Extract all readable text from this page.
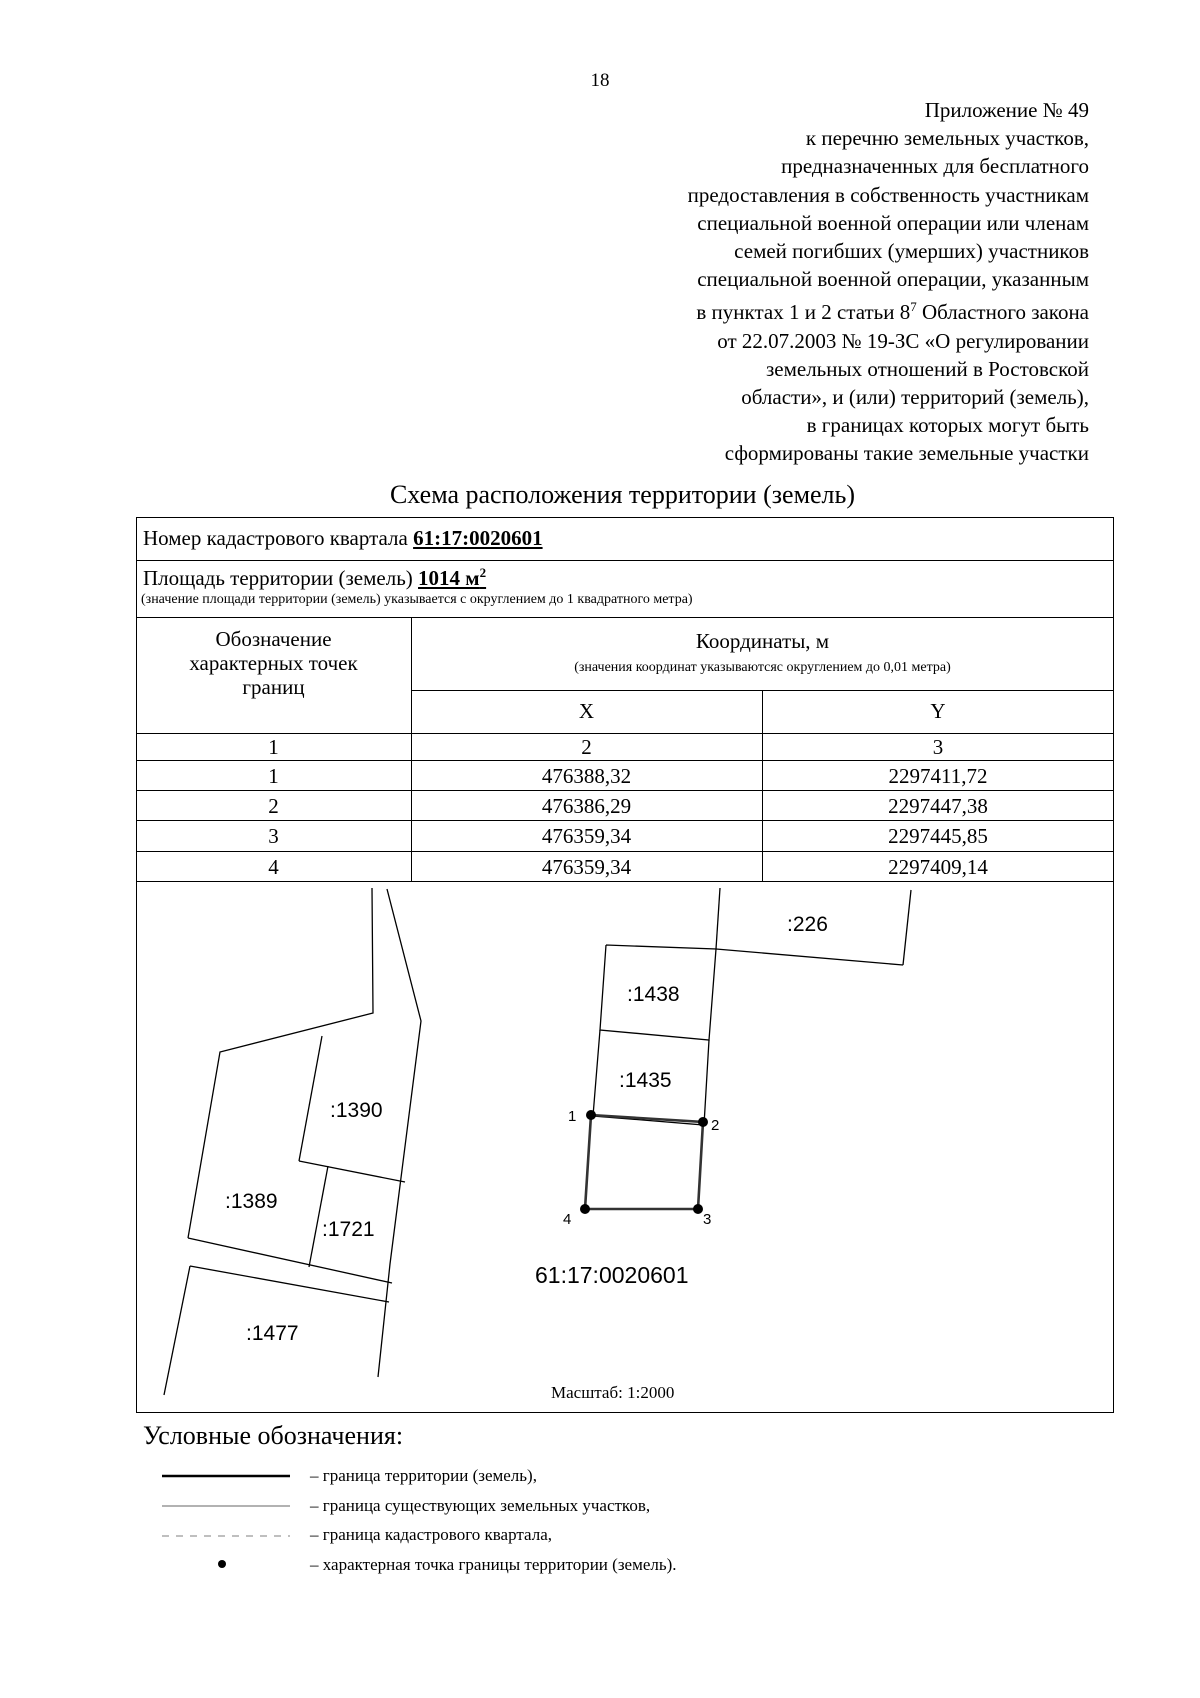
18
Приложение № 49
к перечню земельных участков,
предназначенных для бесплатного
предоставления в собственность участникам
специальной военной операции или членам
семей погибших (умерших) участников
специальной военной операции, указанным
в пунктах 1 и 2 статьи $8^7$ Областного закона
от 22.07.2003 № 19-ЗС «О регулировании
земельных отношений в Ростовской
области», и (или) территорий (земель),
в границах которых могут быть
сформированы такие земельные участки
Схема расположения территории (земель)
Номер кадастрового квартала 61:17:0020601
Площадь территории (земель) 1014 $м^2$
(значение площади территории (земель) указывается с округлением до 1 квадратного метра)
Обозначение
характерных точек
границ
Координаты, м
(значения координат указываютсяс округлением до 0,01 метра)
X	Y
1	2	3
1	476388,32	2297411,72
2	476386,29	2297447,38
3	476359,34	2297445,85
4	476359,34	2297409,14
:226
:1438
:1435
:1390
:1389
:1721
:1477
1
2
3
4
61:17:0020601
Масштаб: 1:2000
Условные обозначения:
– граница территории (земель),
– граница существующих земельных участков,
– граница кадастрового квартала,
– характерная точка границы территории (земель).
